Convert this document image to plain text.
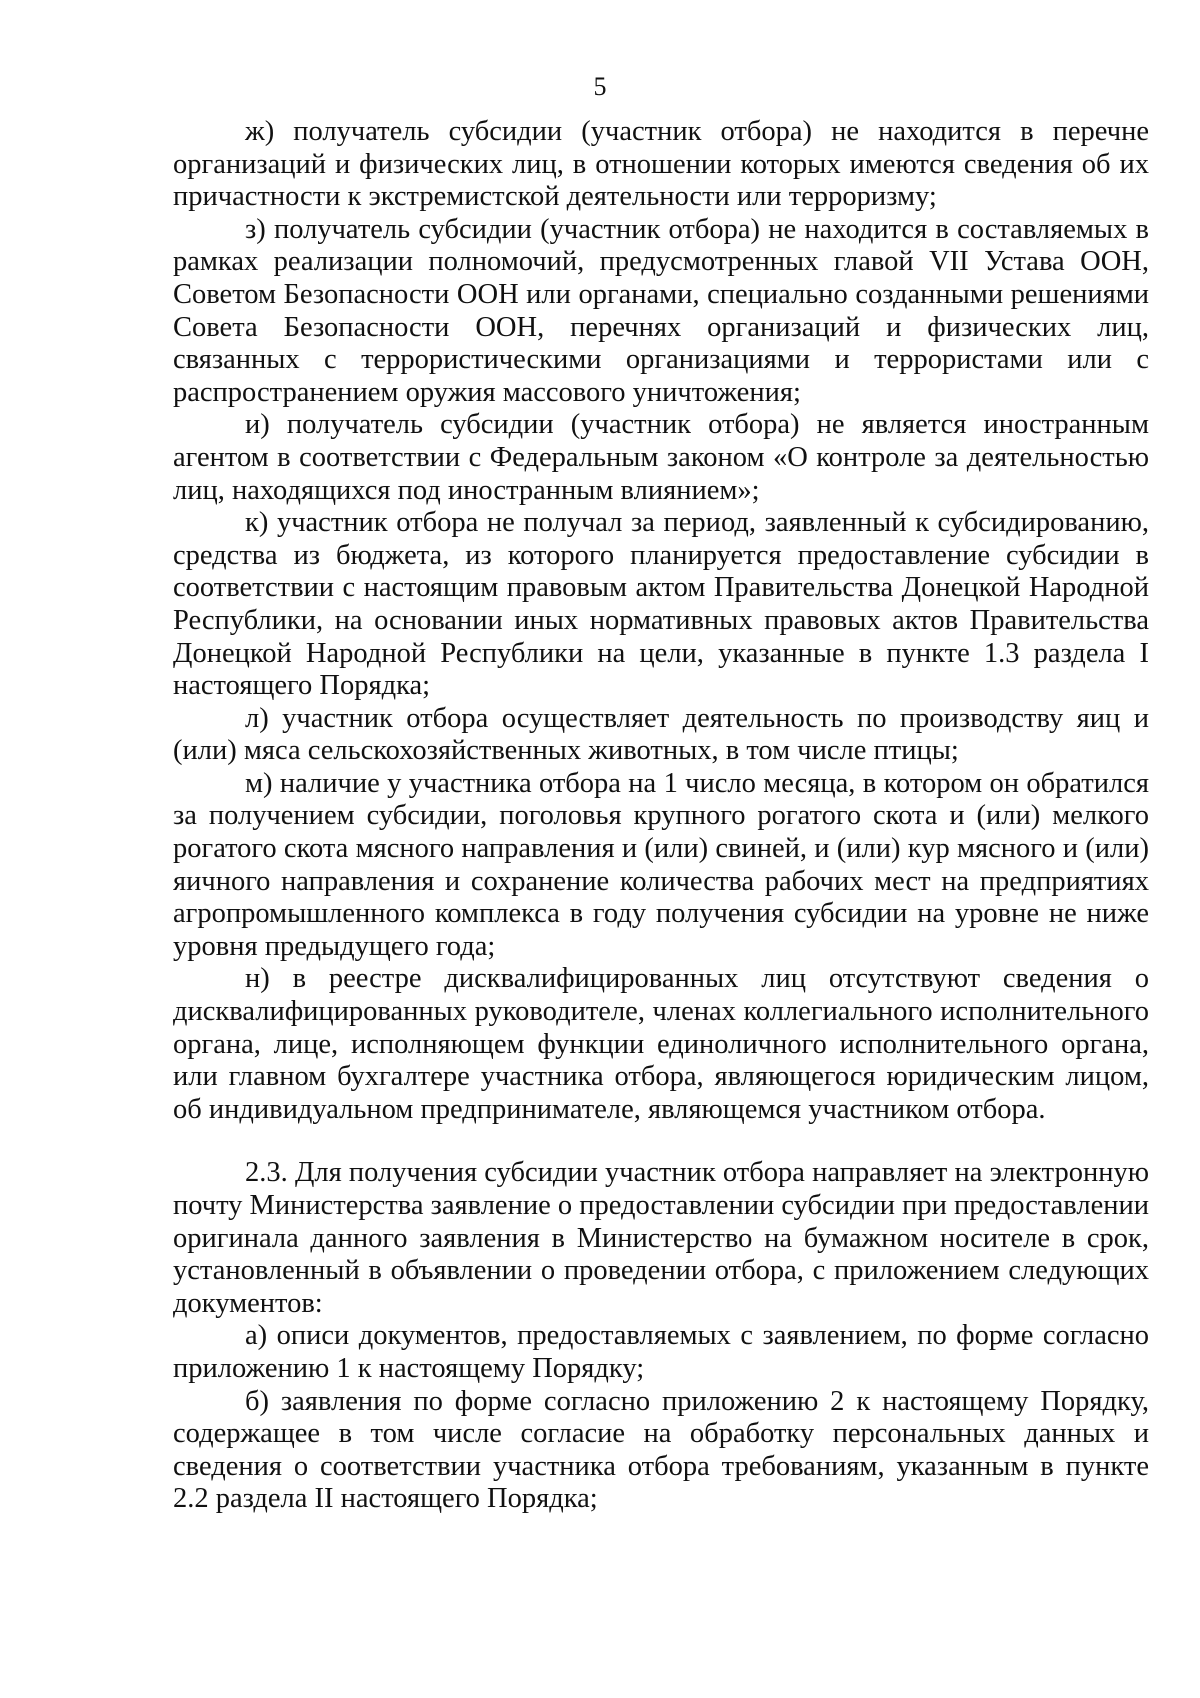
5

ж) получатель субсидии (участник отбора) не находится в перечне организаций и физических лиц, в отношении которых имеются сведения об их причастности к экстремистской деятельности или терроризму;

з) получатель субсидии (участник отбора) не находится в составляемых в рамках реализации полномочий, предусмотренных главой VII Устава ООН, Советом Безопасности ООН или органами, специально созданными решениями Совета Безопасности ООН, перечнях организаций и физических лиц, связанных с террористическими организациями и террористами или с распространением оружия массового уничтожения;

и) получатель субсидии (участник отбора) не является иностранным агентом в соответствии с Федеральным законом «О контроле за деятельностью лиц, находящихся под иностранным влиянием»;

к) участник отбора не получал за период, заявленный к субсидированию, средства из бюджета, из которого планируется предоставление субсидии в соответствии с настоящим правовым актом Правительства Донецкой Народной Республики, на основании иных нормативных правовых актов Правительства Донецкой Народной Республики на цели, указанные в пункте 1.3 раздела I настоящего Порядка;

л) участник отбора осуществляет деятельность по производству яиц и (или) мяса сельскохозяйственных животных, в том числе птицы;

м) наличие у участника отбора на 1 число месяца, в котором он обратился за получением субсидии, поголовья крупного рогатого скота и (или) мелкого рогатого скота мясного направления и (или) свиней, и (или) кур мясного и (или) яичного направления и сохранение количества рабочих мест на предприятиях агропромышленного комплекса в году получения субсидии на уровне не ниже уровня предыдущего года;

н) в реестре дисквалифицированных лиц отсутствуют сведения о дисквалифицированных руководителе, членах коллегиального исполнительного органа, лице, исполняющем функции единоличного исполнительного органа, или главном бухгалтере участника отбора, являющегося юридическим лицом, об индивидуальном предпринимателе, являющемся участником отбора.

2.3. Для получения субсидии участник отбора направляет на электронную почту Министерства заявление о предоставлении субсидии при предоставлении оригинала данного заявления в Министерство на бумажном носителе в срок, установленный в объявлении о проведении отбора, с приложением следующих документов:

а) описи документов, предоставляемых с заявлением, по форме согласно приложению 1 к настоящему Порядку;

б) заявления по форме согласно приложению 2 к настоящему Порядку, содержащее в том числе согласие на обработку персональных данных и сведения о соответствии участника отбора требованиям, указанным в пункте 2.2 раздела II настоящего Порядка;
